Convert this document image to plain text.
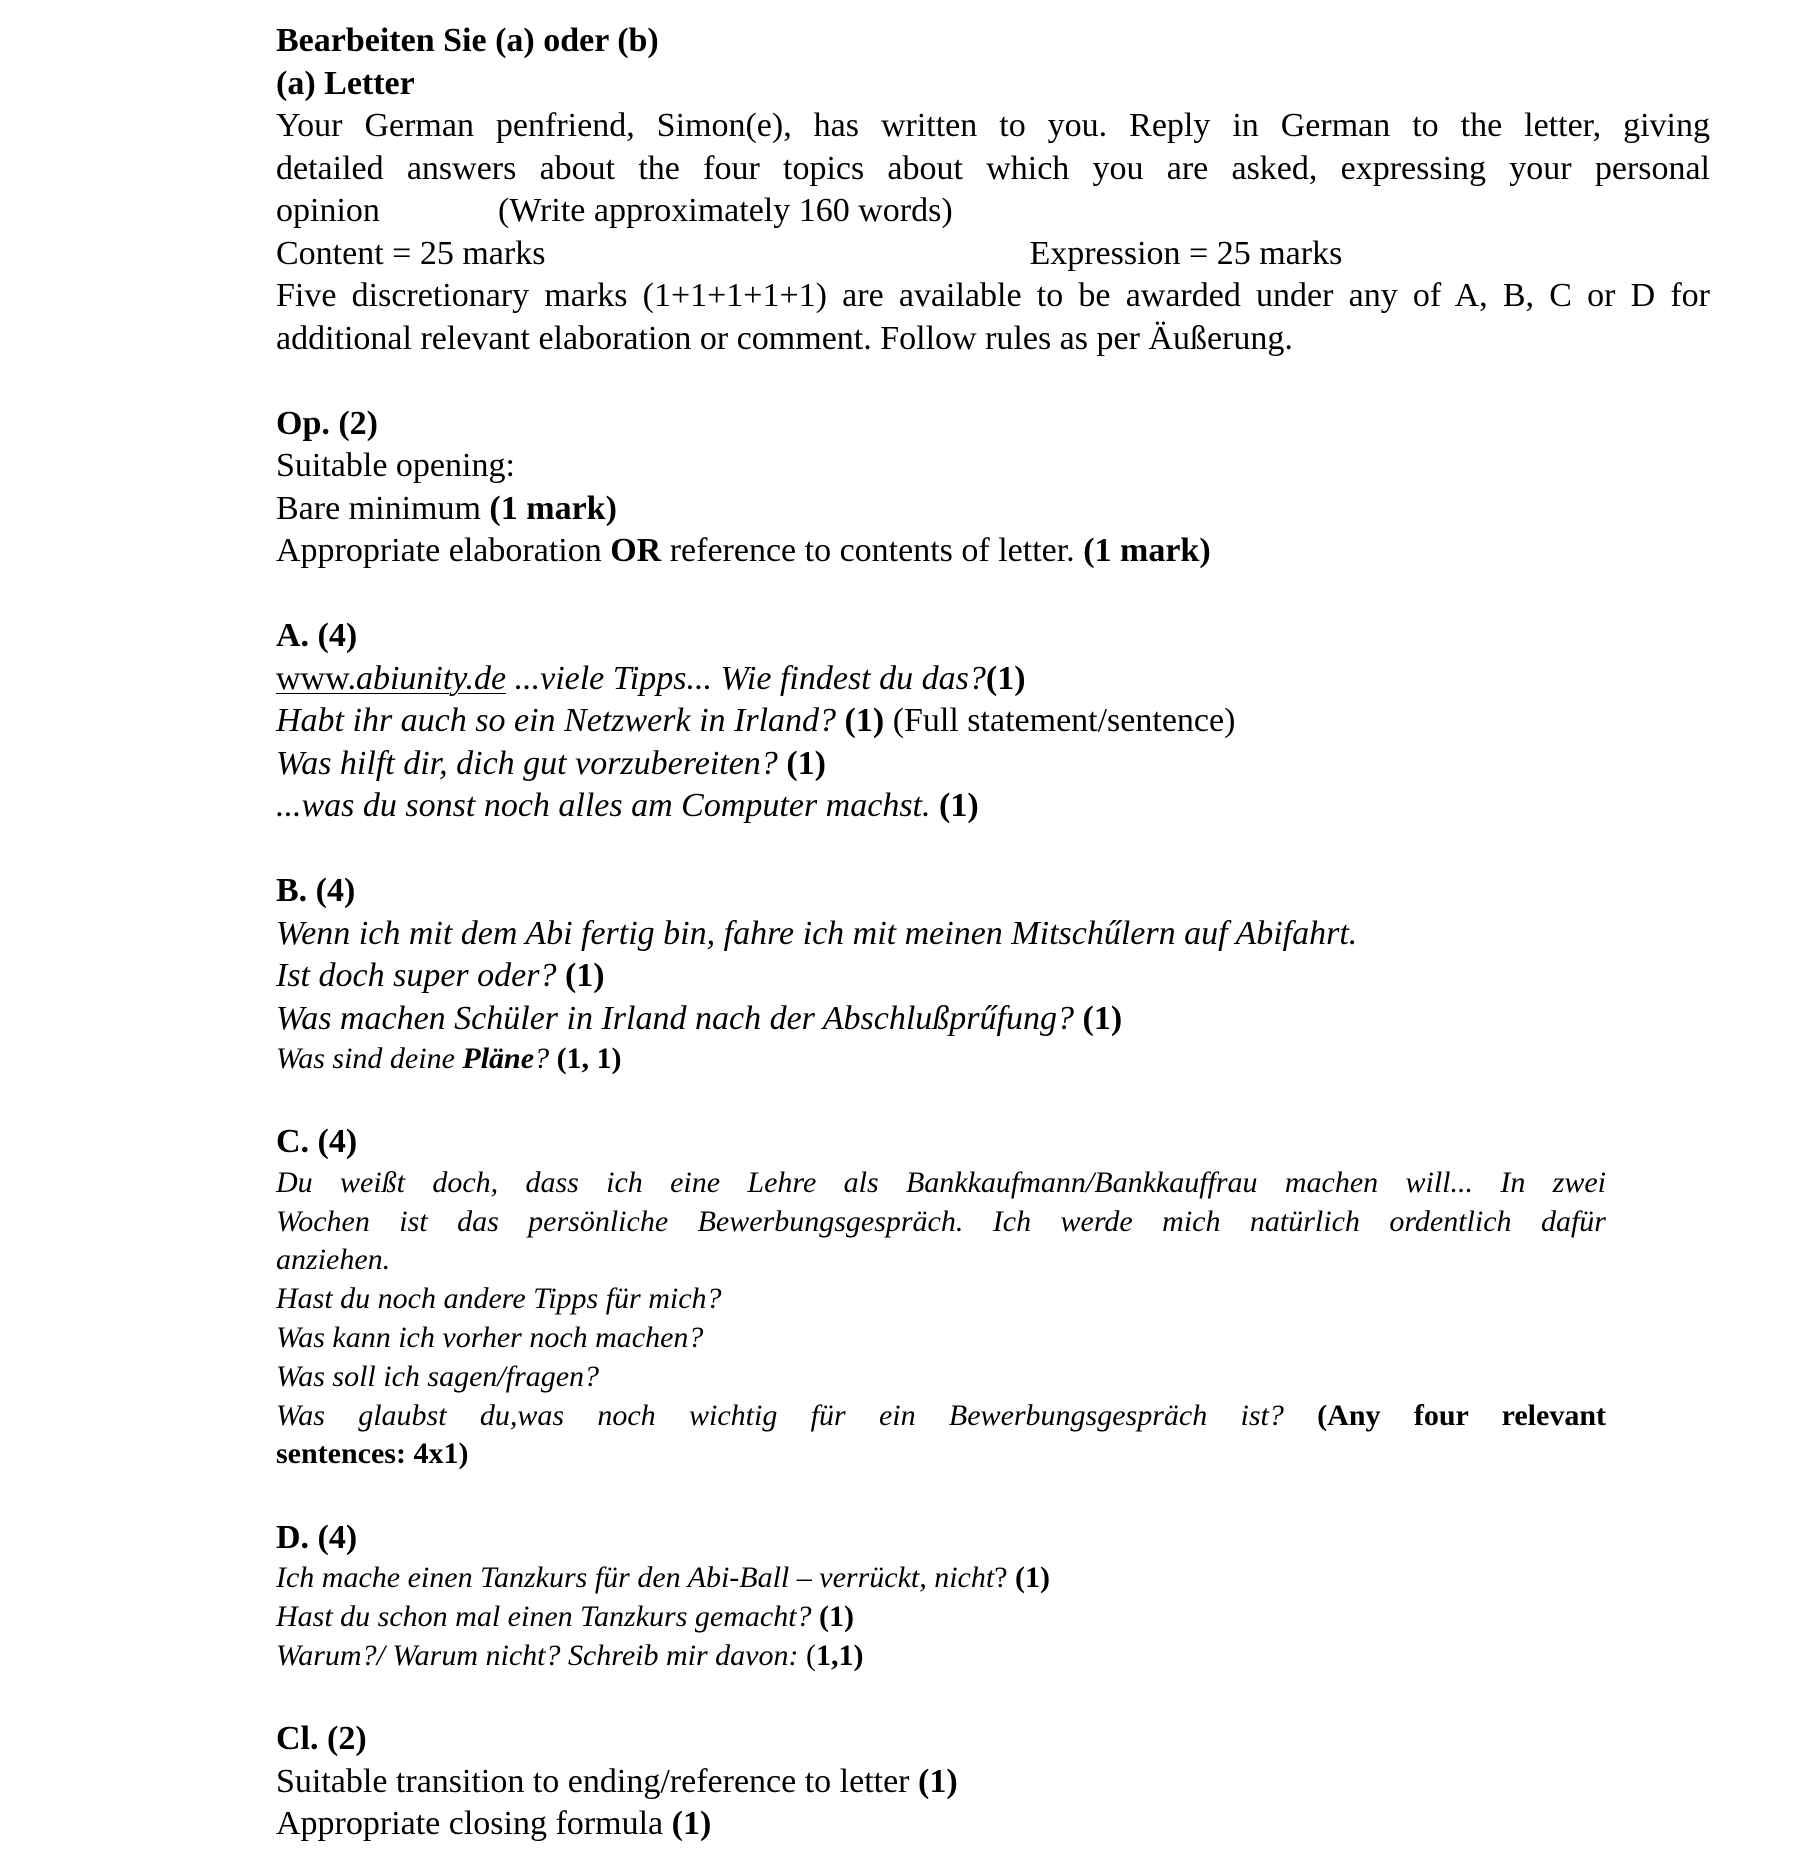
Bearbeiten Sie (a) oder (b)
(a) Letter
Your German penfriend, Simon(e), has written to you. Reply in German to the letter, giving
detailed answers about the four topics about which you are asked, expressing your personal
opinion	(Write approximately 160 words)
Content = 25 marks	Expression = 25 marks
Five discretionary marks (1+1+1+1+1) are available to be awarded under any of A, B, C or D for
additional relevant elaboration or comment. Follow rules as per Äußerung.
Op. (2)
Suitable opening:
Bare minimum (1 mark)
Appropriate elaboration OR reference to contents of letter. (1 mark)
A. (4)
www.abiunity.de ...viele Tipps... Wie findest du das?(1)
Habt ihr auch so ein Netzwerk in Irland? (1) (Full statement/sentence)
Was hilft dir, dich gut vorzubereiten? (1)
...was du sonst noch alles am Computer machst. (1)
B. (4)
Wenn ich mit dem Abi fertig bin, fahre ich mit meinen Mitschűlern auf Abifahrt.
Ist doch super oder? (1)
Was machen Schüler in Irland nach der Abschlußprűfung? (1)
Was sind deine Pläne? (1, 1)
C. (4)
Du weißt doch, dass ich eine Lehre als Bankkaufmann/Bankkauffrau machen will... In zwei
Wochen ist das persönliche Bewerbungsgespräch. Ich werde mich natürlich ordentlich dafür
anziehen.
Hast du noch andere Tipps für mich?
Was kann ich vorher noch machen?
Was soll ich sagen/fragen?
Was glaubst du,was noch wichtig für ein Bewerbungsgespräch ist? (Any four relevant
sentences: 4x1)
D. (4)
Ich mache einen Tanzkurs für den Abi-Ball – verrückt, nicht? (1)
Hast du schon mal einen Tanzkurs gemacht? (1)
Warum?/ Warum nicht? Schreib mir davon: (1,1)
Cl. (2)
Suitable transition to ending/reference to letter (1)
Appropriate closing formula (1)
